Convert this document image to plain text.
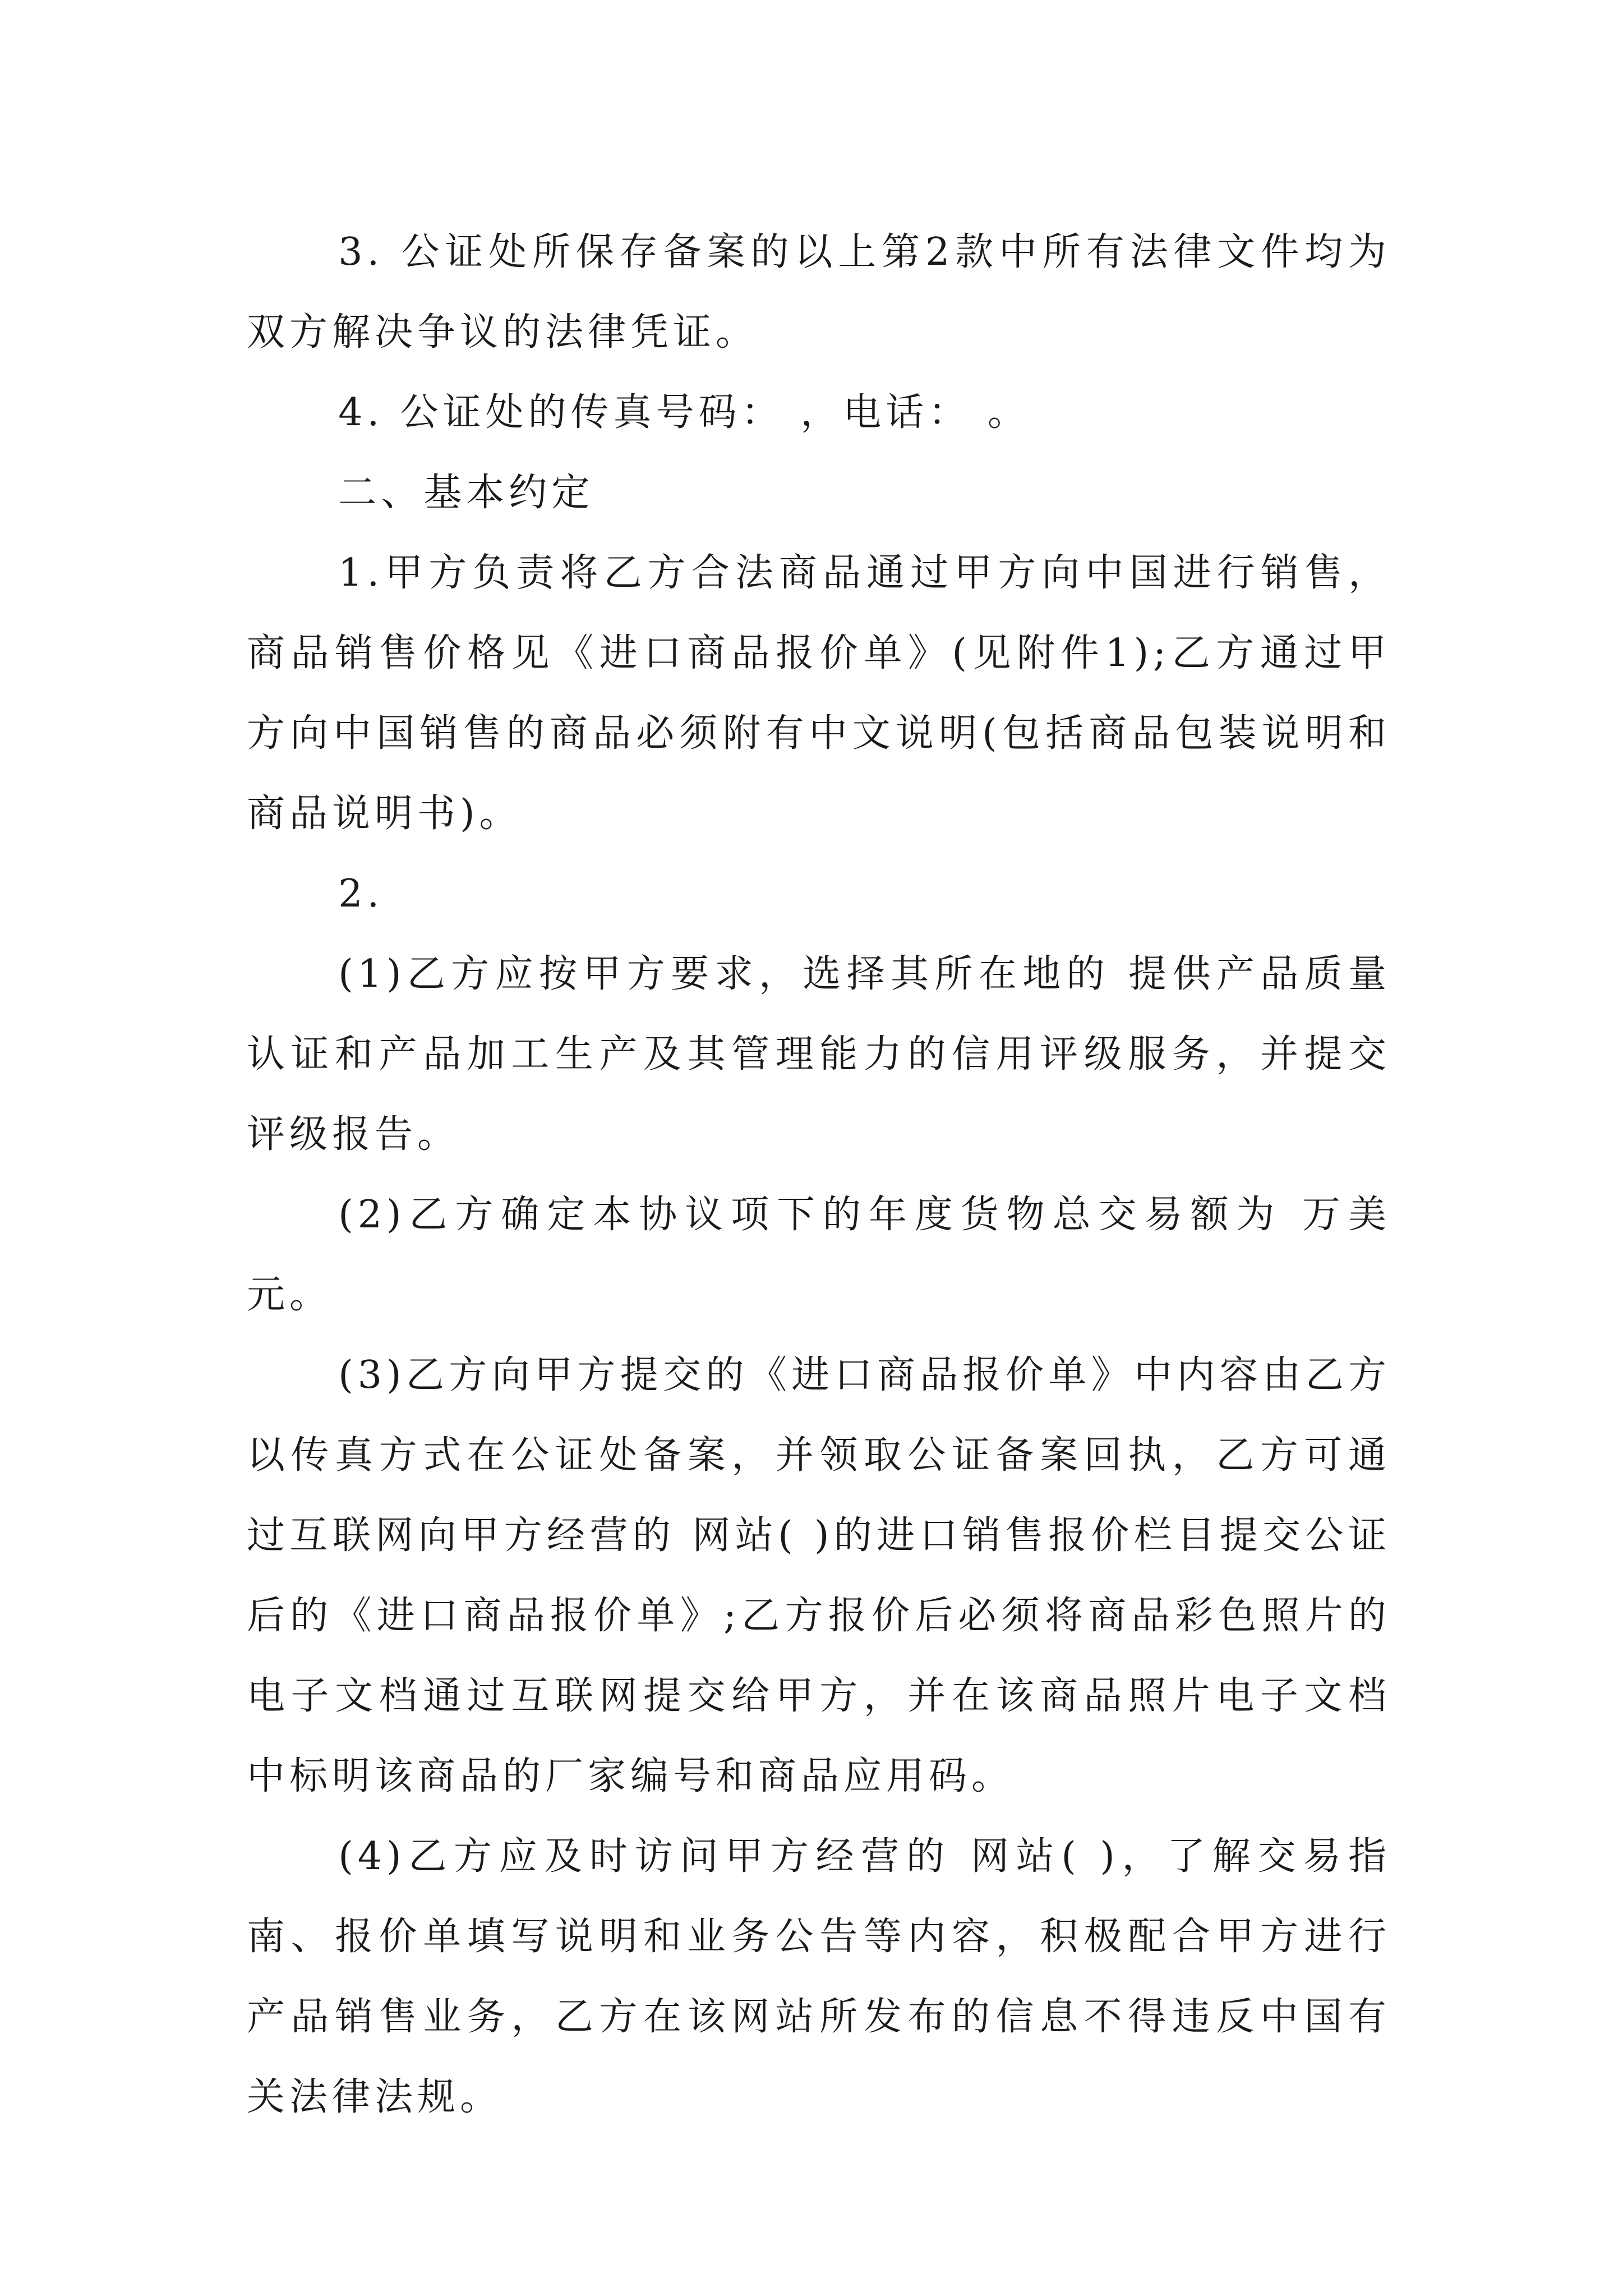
3. 公证处所保存备案的以上第2款中所有法律文件均为双方解决争议的法律凭证。

4. 公证处的传真号码： ，电话： 。

二、基本约定

1.甲方负责将乙方合法商品通过甲方向中国进行销售，商品销售价格见《进口商品报价单》(见附件1);乙方通过甲方向中国销售的商品必须附有中文说明(包括商品包装说明和商品说明书)。

2.

(1)乙方应按甲方要求，选择其所在地的 提供产品质量认证和产品加工生产及其管理能力的信用评级服务，并提交评级报告。

(2)乙方确定本协议项下的年度货物总交易额为 万美元。

(3)乙方向甲方提交的《进口商品报价单》中内容由乙方以传真方式在公证处备案，并领取公证备案回执，乙方可通过互联网向甲方经营的 网站( )的进口销售报价栏目提交公证后的《进口商品报价单》;乙方报价后必须将商品彩色照片的电子文档通过互联网提交给甲方，并在该商品照片电子文档中标明该商品的厂家编号和商品应用码。

(4)乙方应及时访问甲方经营的 网站( )，了解交易指南、报价单填写说明和业务公告等内容，积极配合甲方进行产品销售业务，乙方在该网站所发布的信息不得违反中国有关法律法规。
